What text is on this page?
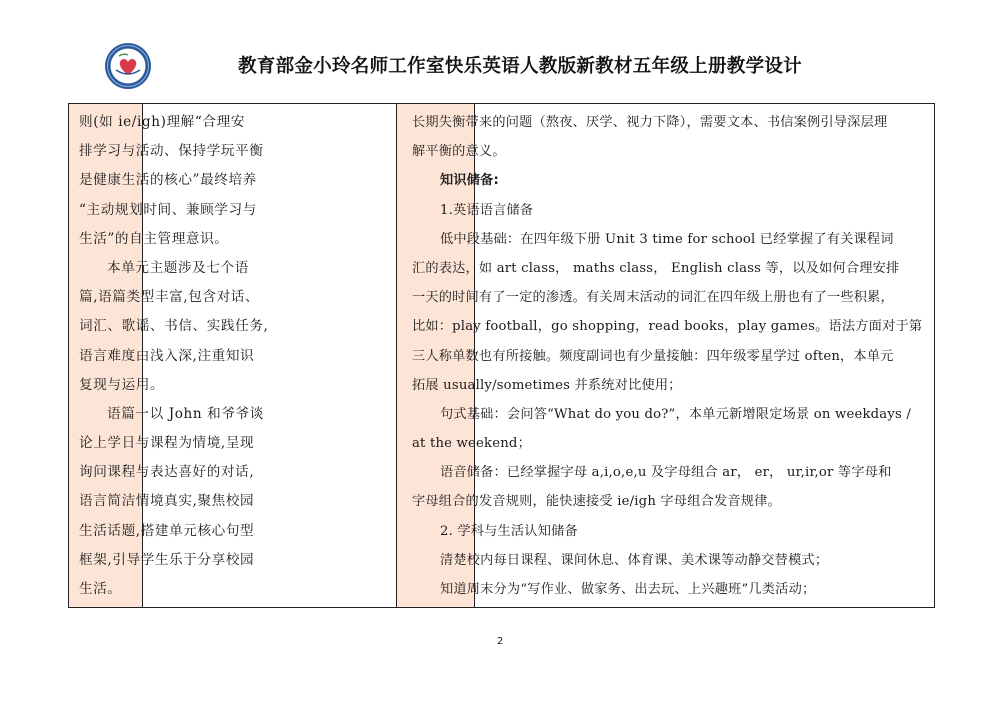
教育部金小玲名师工作室快乐英语人教版新教材五年级上册教学设计
则(如 ie/igh)理解“合理安
排学习与活动、保持学玩平衡
是健康生活的核心”最终培养
“主动规划时间、兼顾学习与
生活”的自主管理意识。
本单元主题涉及七个语
篇,语篇类型丰富,包含对话、
词汇、歌谣、书信、实践任务,
语言难度由浅入深,注重知识
复现与运用。
语篇一以 John 和爷爷谈
论上学日与课程为情境,呈现
询问课程与表达喜好的对话,
语言简洁情境真实,聚焦校园
生活话题,搭建单元核心句型
框架,引导学生乐于分享校园
生活。
长期失衡带来的问题（熬夜、厌学、视力下降），需要文本、书信案例引导深层理
解平衡的意义。
知识储备:
1.英语语言储备
低中段基础：在四年级下册 Unit 3 time for school 已经掌握了有关课程词
汇的表达，如 art class， maths class， English class 等，以及如何合理安排
一天的时间有了一定的渗透。有关周末活动的词汇在四年级上册也有了一些积累，
比如：play football，go shopping，read books，play games。语法方面对于第
三人称单数也有所接触。频度副词也有少量接触：四年级零星学过 often，本单元
拓展 usually/sometimes 并系统对比使用；
句式基础：会问答“What do you do?”，本单元新增限定场景 on weekdays /
at the weekend；
语音储备：已经掌握字母 a,i,o,e,u 及字母组合 ar， er， ur,ir,or 等字母和
字母组合的发音规则，能快速接受 ie/igh 字母组合发音规律。
2. 学科与生活认知储备
清楚校内每日课程、课间休息、体育课、美术课等动静交替模式；
知道周末分为“写作业、做家务、出去玩、上兴趣班”几类活动；
2
